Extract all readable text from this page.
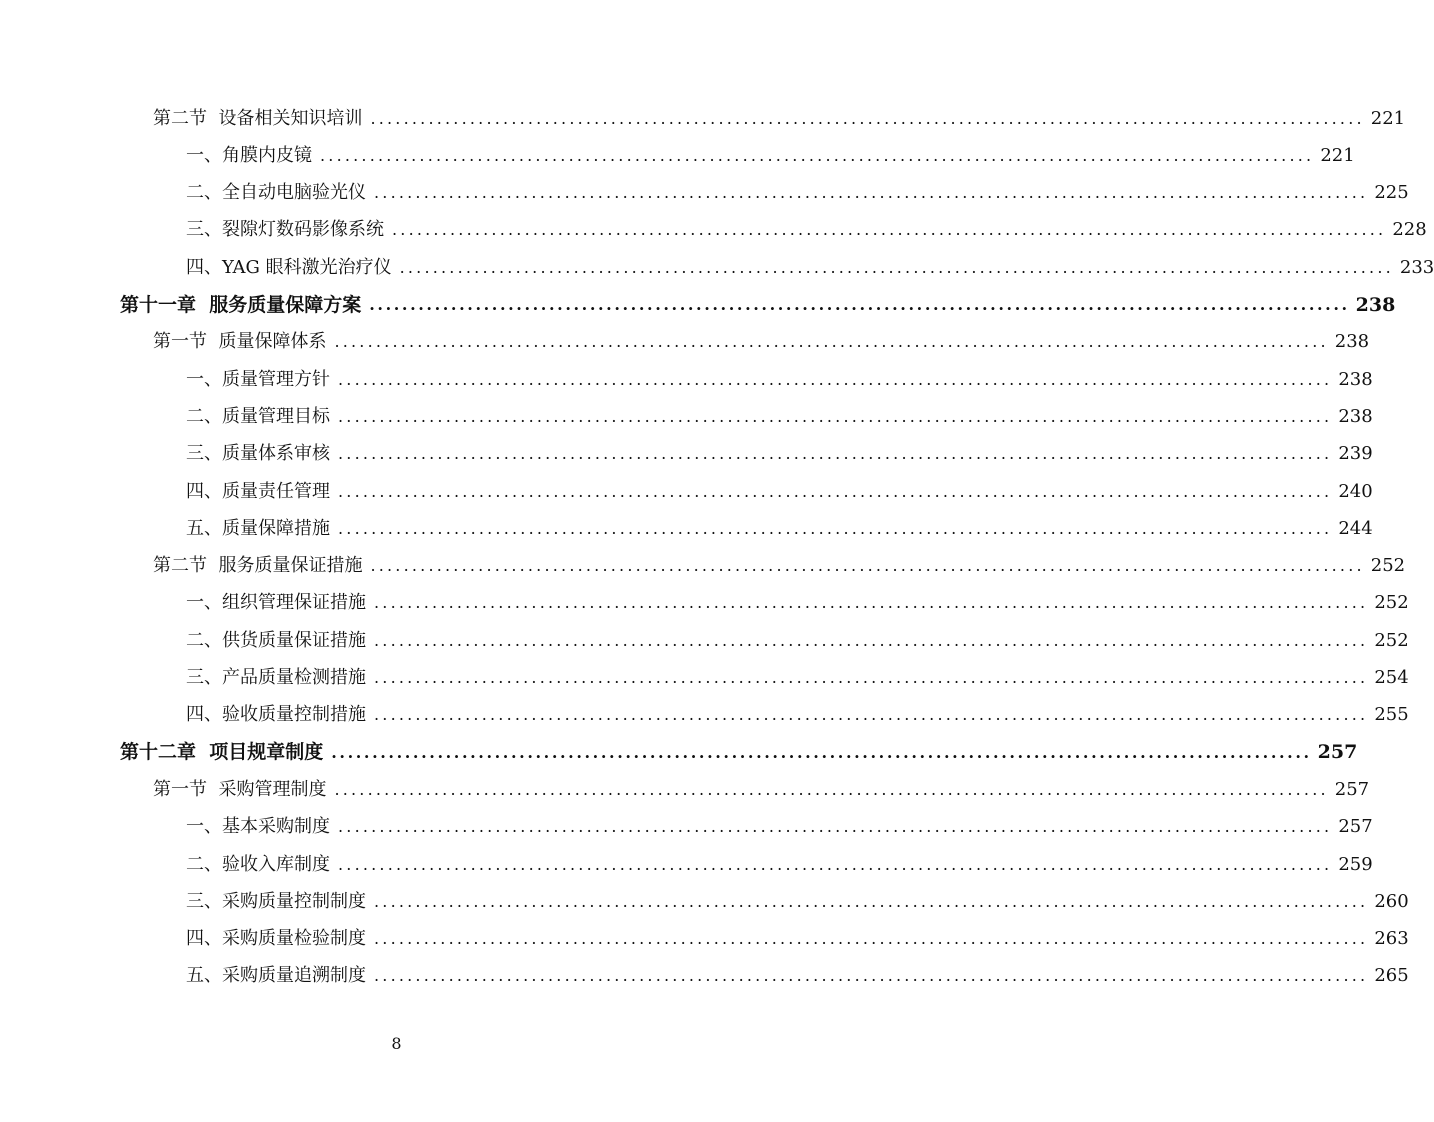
第二节  设备相关知识培训 ........................................................................................................................ 221
一、角膜内皮镜 ........................................................................................................................ 221
二、全自动电脑验光仪 ........................................................................................................................ 225
三、裂隙灯数码影像系统 ........................................................................................................................ 228
四、YAG 眼科激光治疗仪 ........................................................................................................................ 233
第十一章  服务质量保障方案 ........................................................................................................................ 238
第一节  质量保障体系 ........................................................................................................................ 238
一、质量管理方针 ........................................................................................................................ 238
二、质量管理目标 ........................................................................................................................ 238
三、质量体系审核 ........................................................................................................................ 239
四、质量责任管理 ........................................................................................................................ 240
五、质量保障措施 ........................................................................................................................ 244
第二节  服务质量保证措施 ........................................................................................................................ 252
一、组织管理保证措施 ........................................................................................................................ 252
二、供货质量保证措施 ........................................................................................................................ 252
三、产品质量检测措施 ........................................................................................................................ 254
四、验收质量控制措施 ........................................................................................................................ 255
第十二章  项目规章制度 ........................................................................................................................ 257
第一节  采购管理制度 ........................................................................................................................ 257
一、基本采购制度 ........................................................................................................................ 257
二、验收入库制度 ........................................................................................................................ 259
三、采购质量控制制度 ........................................................................................................................ 260
四、采购质量检验制度 ........................................................................................................................ 263
五、采购质量追溯制度 ........................................................................................................................ 265
8
